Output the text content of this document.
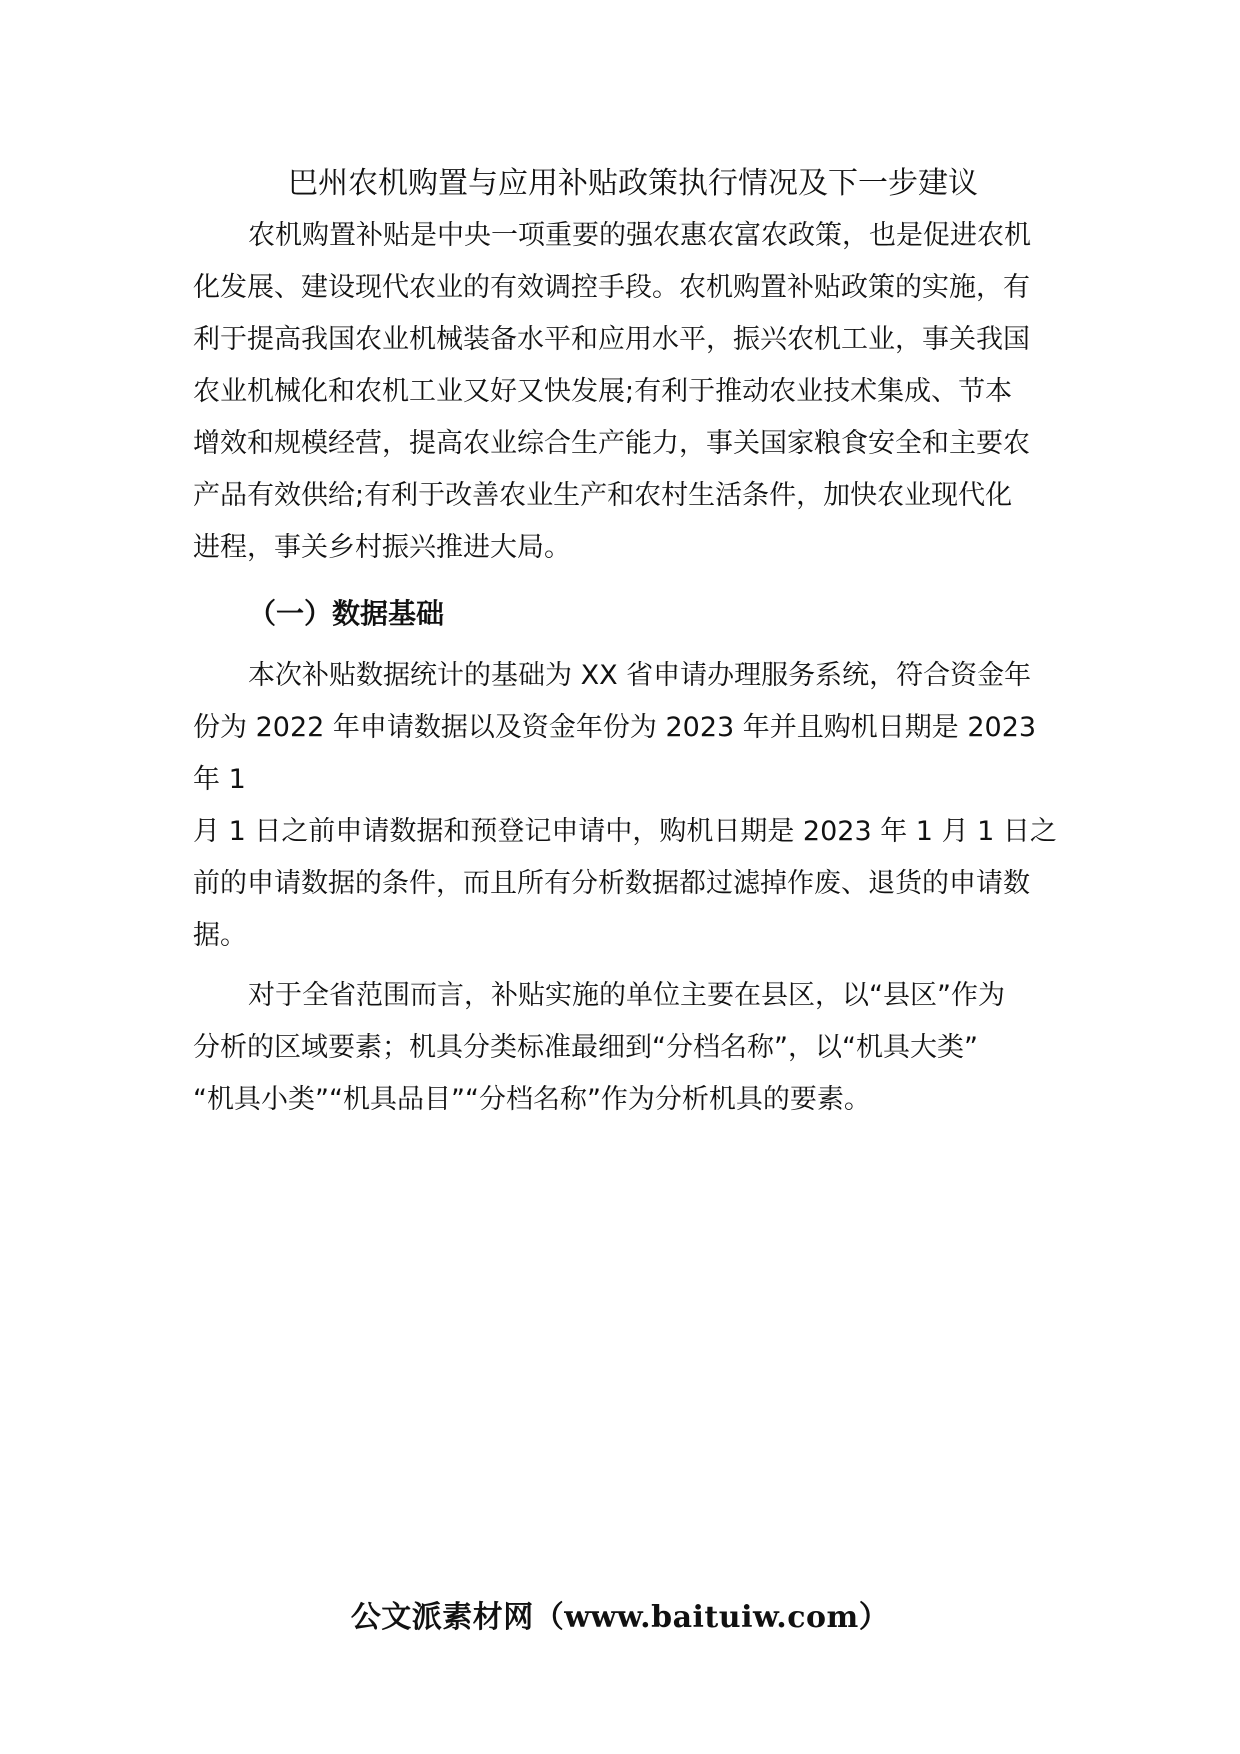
巴州农机购置与应用补贴政策执行情况及下一步建议

农机购置补贴是中央一项重要的强农惠农富农政策，也是促进农机
化发展、建设现代农业的有效调控手段。农机购置补贴政策的实施，有
利于提高我国农业机械装备水平和应用水平，振兴农机工业，事关我国
农业机械化和农机工业又好又快发展;有利于推动农业技术集成、节本
增效和规模经营，提高农业综合生产能力，事关国家粮食安全和主要农
产品有效供给;有利于改善农业生产和农村生活条件，加快农业现代化
进程，事关乡村振兴推进大局。

（一）数据基础

本次补贴数据统计的基础为 XX 省申请办理服务系统，符合资金年
份为 2022 年申请数据以及资金年份为 2023 年并且购机日期是 2023
年 1
月 1 日之前申请数据和预登记申请中，购机日期是 2023 年 1 月 1 日之
前的申请数据的条件，而且所有分析数据都过滤掉作废、退货的申请数
据。

对于全省范围而言，补贴实施的单位主要在县区，以“县区”作为
分析的区域要素；机具分类标准最细到“分档名称”，以“机具大类”
“机具小类”“机具品目”“分档名称”作为分析机具的要素。

公文派素材网（www.baituiw.com）
